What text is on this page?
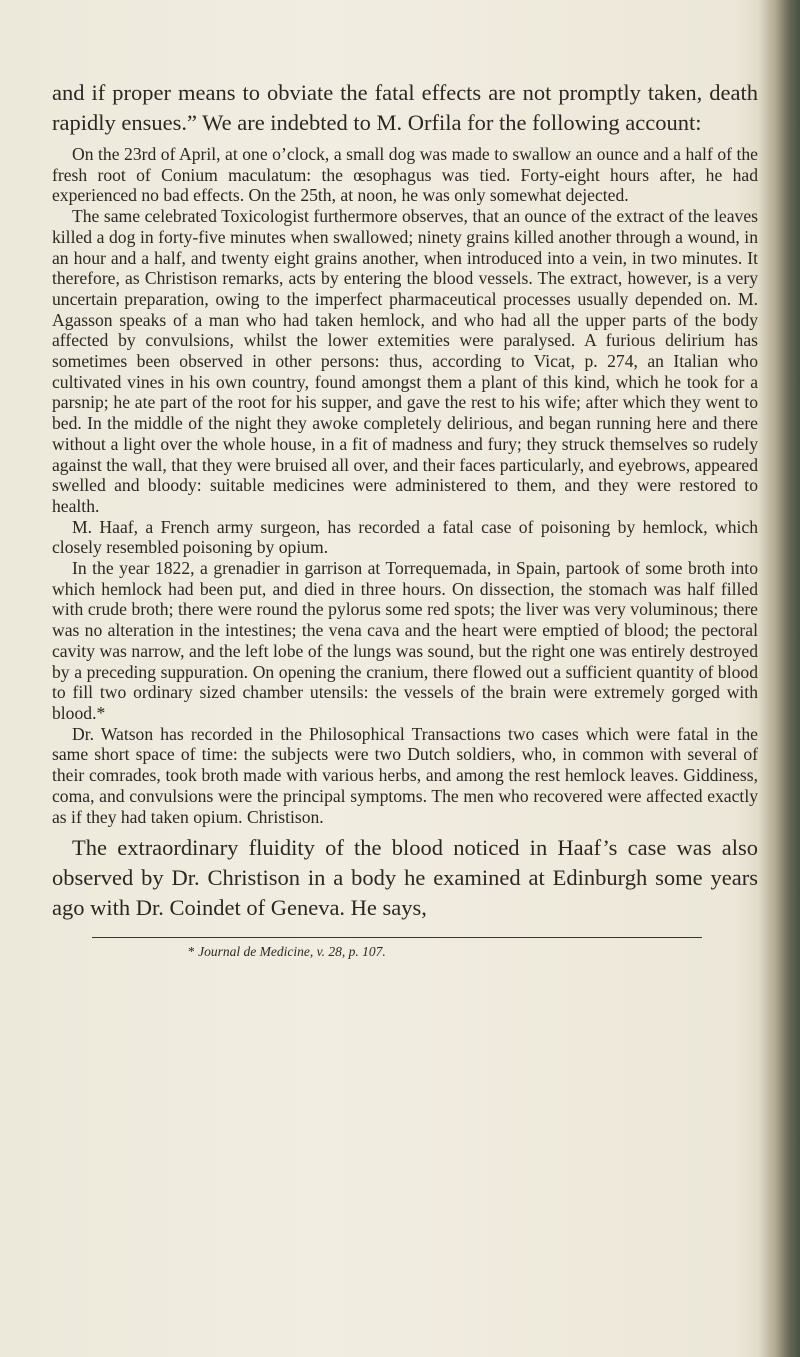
and if proper means to obviate the fatal effects are not promptly taken, death rapidly ensues.” We are indebted to M. Orfila for the following account:

On the 23rd of April, at one o’clock, a small dog was made to swallow an ounce and a half of the fresh root of Conium maculatum: the œsophagus was tied. Forty-eight hours after, he had experienced no bad effects. On the 25th, at noon, he was only somewhat dejected.

The same celebrated Toxicologist furthermore observes, that an ounce of the extract of the leaves killed a dog in forty-five minutes when swallowed; ninety grains killed another through a wound, in an hour and a half, and twenty eight grains another, when introduced into a vein, in two minutes. It therefore, as Christison remarks, acts by entering the blood vessels. The extract, however, is a very uncertain preparation, owing to the imperfect pharmaceutical processes usually depended on. M. Agasson speaks of a man who had taken hemlock, and who had all the upper parts of the body affected by convulsions, whilst the lower extemities were paralysed. A furious delirium has sometimes been observed in other persons: thus, according to Vicat, p. 274, an Italian who cultivated vines in his own country, found amongst them a plant of this kind, which he took for a parsnip; he ate part of the root for his supper, and gave the rest to his wife; after which they went to bed. In the middle of the night they awoke completely delirious, and began running here and there without a light over the whole house, in a fit of madness and fury; they struck themselves so rudely against the wall, that they were bruised all over, and their faces particularly, and eyebrows, appeared swelled and bloody: suitable medicines were administered to them, and they were restored to health.

M. Haaf, a French army surgeon, has recorded a fatal case of poisoning by hemlock, which closely resembled poisoning by opium.

In the year 1822, a grenadier in garrison at Torrequemada, in Spain, partook of some broth into which hemlock had been put, and died in three hours. On dissection, the stomach was half filled with crude broth; there were round the pylorus some red spots; the liver was very voluminous; there was no alteration in the intestines; the vena cava and the heart were emptied of blood; the pectoral cavity was narrow, and the left lobe of the lungs was sound, but the right one was entirely destroyed by a preceding suppuration. On opening the cranium, there flowed out a sufficient quantity of blood to fill two ordinary sized chamber utensils: the vessels of the brain were extremely gorged with blood.*

Dr. Watson has recorded in the Philosophical Transactions two cases which were fatal in the same short space of time: the subjects were two Dutch soldiers, who, in common with several of their comrades, took broth made with various herbs, and among the rest hemlock leaves. Giddiness, coma, and convulsions were the principal symptoms. The men who recovered were affected exactly as if they had taken opium. Christison.

The extraordinary fluidity of the blood noticed in Haaf’s case was also observed by Dr. Christison in a body he examined at Edinburgh some years ago with Dr. Coindet of Geneva. He says,

* Journal de Medicine, v. 28, p. 107.
